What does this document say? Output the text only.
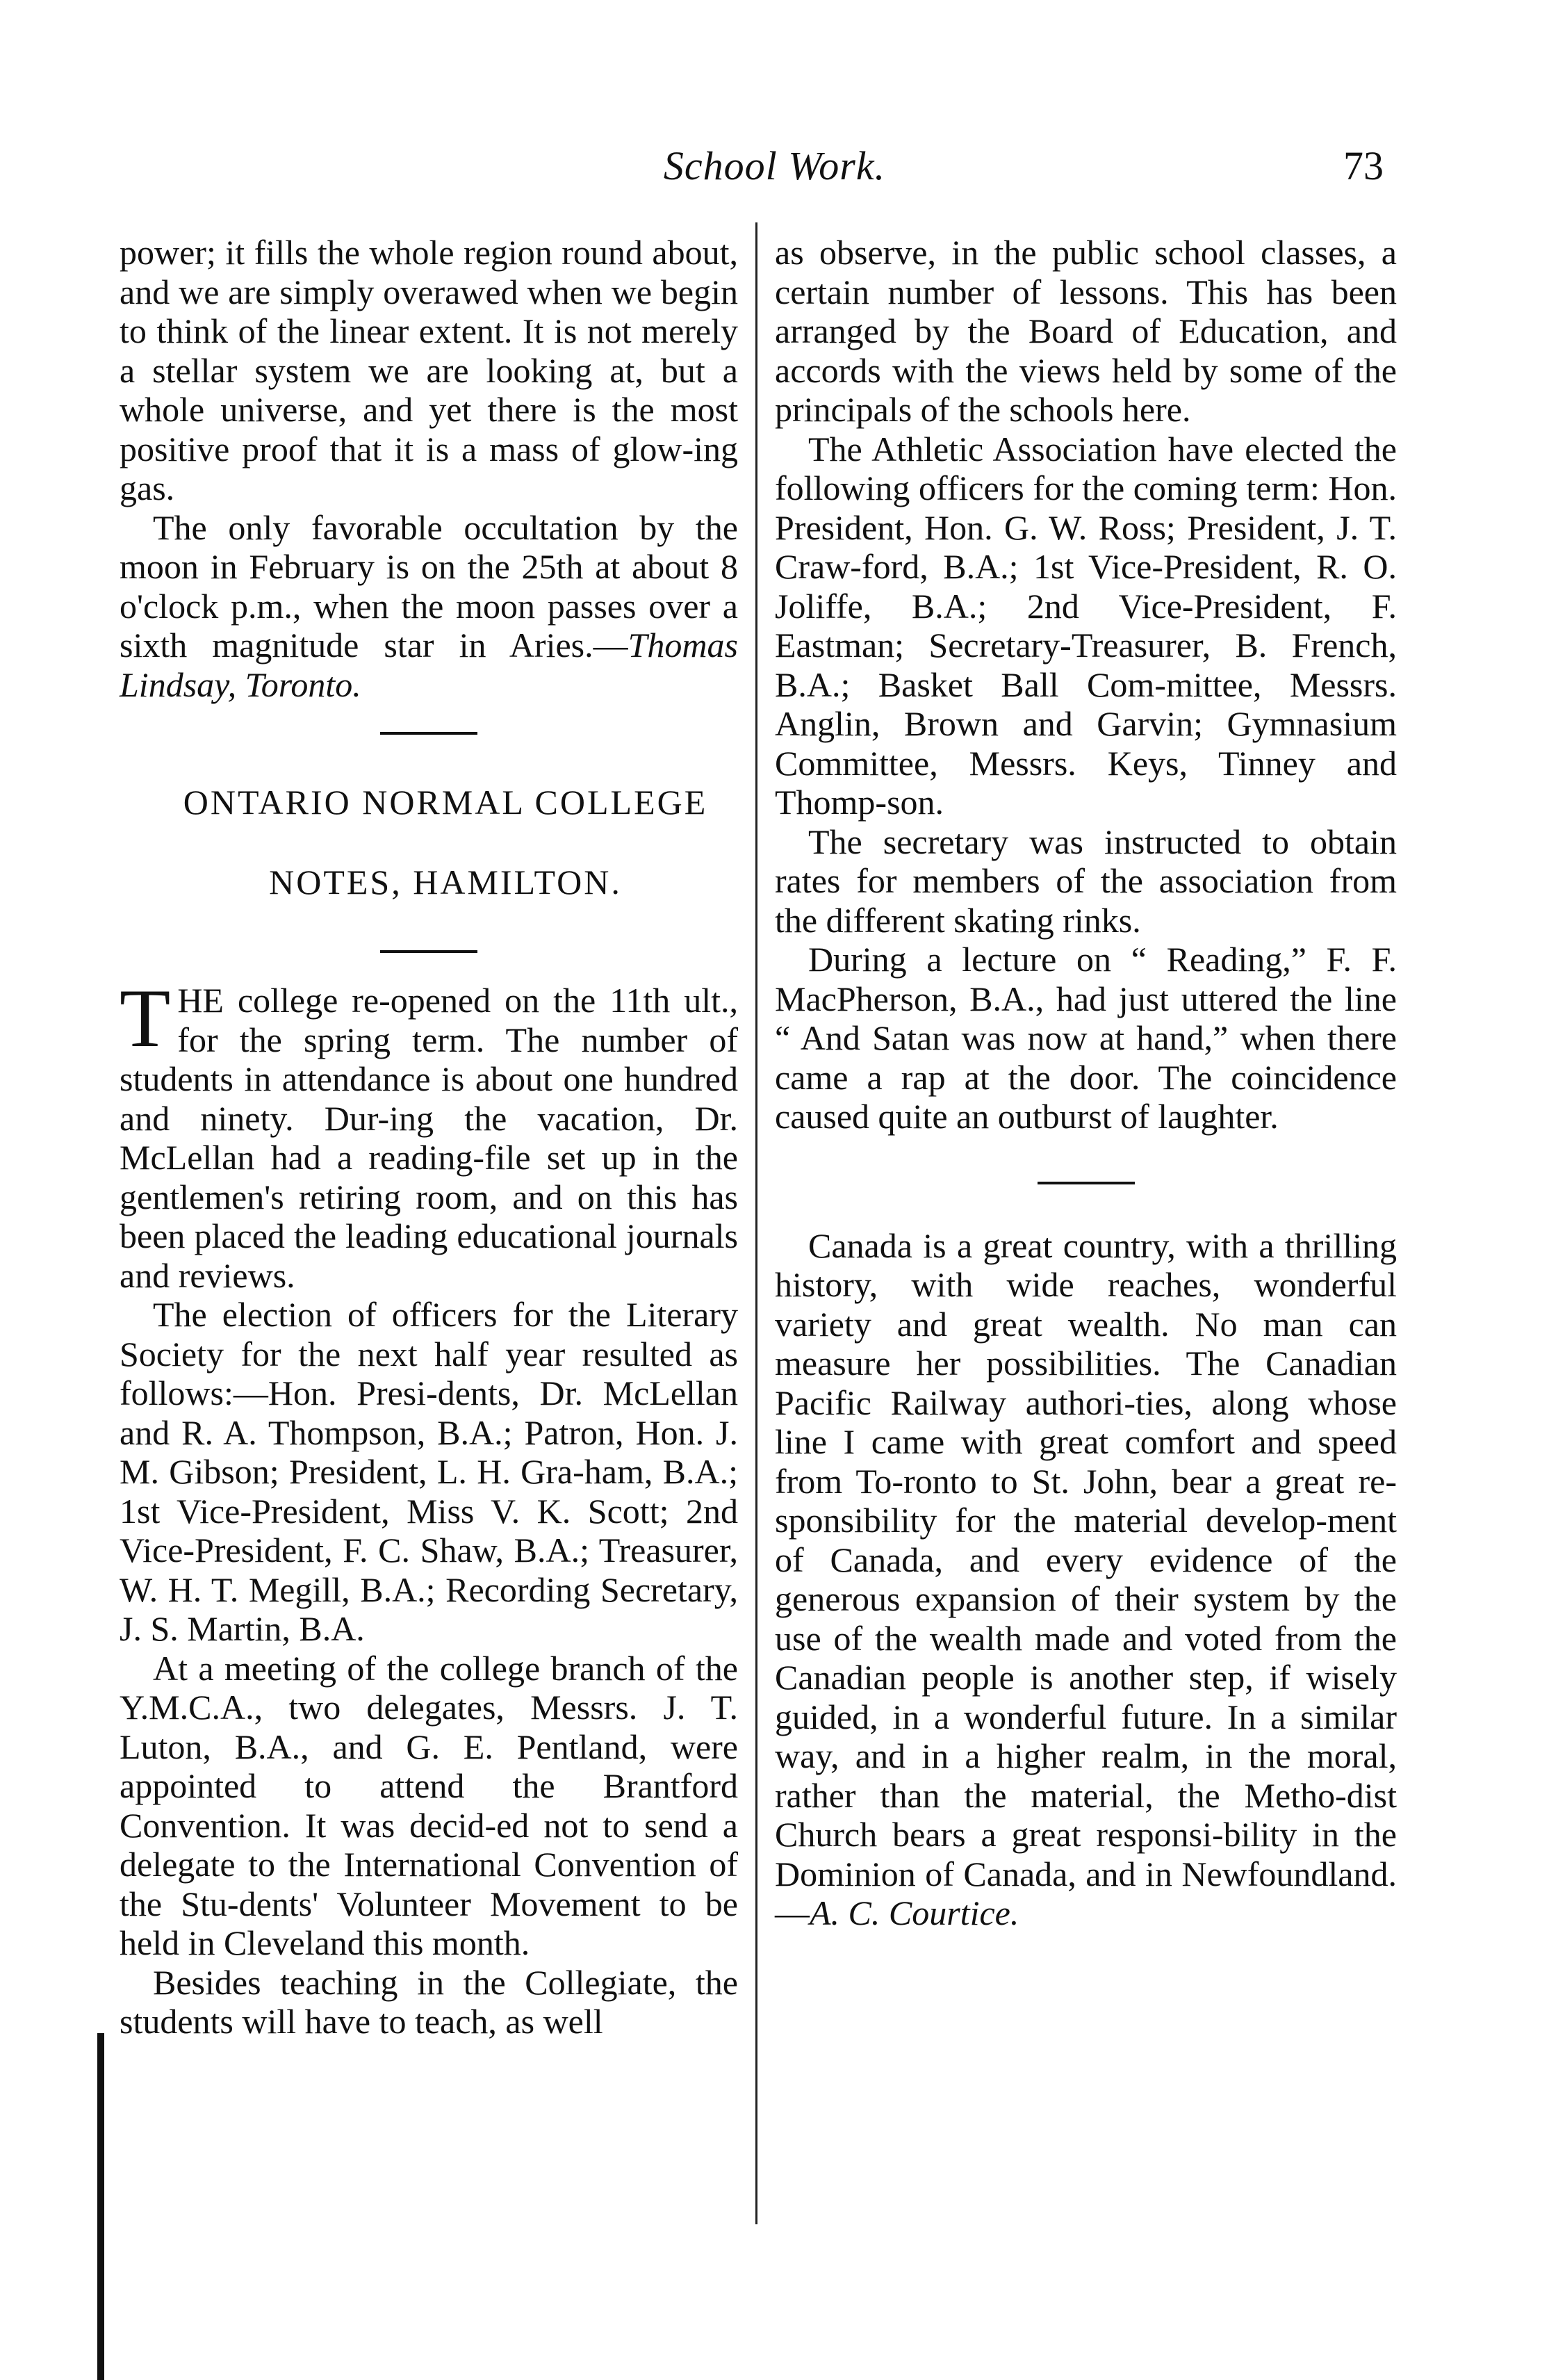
School Work.	73

power; it fills the whole region round about, and we are simply overawed when we begin to think of the linear extent. It is not merely a stellar system we are looking at, but a whole universe, and yet there is the most positive proof that it is a mass of glow-ing gas.

The only favorable occultation by the moon in February is on the 25th at about 8 o'clock p.m., when the moon passes over a sixth magnitude star in Aries.—Thomas Lindsay, Toronto.

ONTARIO NORMAL COLLEGE

NOTES, HAMILTON.

THE college re-opened on the 11th ult., for the spring term. The number of students in attendance is about one hundred and ninety. Dur-ing the vacation, Dr. McLellan had a reading-file set up in the gentlemen's retiring room, and on this has been placed the leading educational journals and reviews.

The election of officers for the Literary Society for the next half year resulted as follows:—Hon. Presi-dents, Dr. McLellan and R. A. Thompson, B.A.; Patron, Hon. J. M. Gibson; President, L. H. Gra-ham, B.A.; 1st Vice-President, Miss V. K. Scott; 2nd Vice-President, F. C. Shaw, B.A.; Treasurer, W. H. T. Megill, B.A.; Recording Secretary, J. S. Martin, B.A.

At a meeting of the college branch of the Y.M.C.A., two delegates, Messrs. J. T. Luton, B.A., and G. E. Pentland, were appointed to attend the Brantford Convention. It was decid-ed not to send a delegate to the International Convention of the Stu-dents' Volunteer Movement to be held in Cleveland this month.

Besides teaching in the Collegiate, the students will have to teach, as well

as observe, in the public school classes, a certain number of lessons. This has been arranged by the Board of Education, and accords with the views held by some of the principals of the schools here.

The Athletic Association have elected the following officers for the coming term: Hon. President, Hon. G. W. Ross; President, J. T. Craw-ford, B.A.; 1st Vice-President, R. O. Joliffe, B.A.; 2nd Vice-President, F. Eastman; Secretary-Treasurer, B. French, B.A.; Basket Ball Com-mittee, Messrs. Anglin, Brown and Garvin; Gymnasium Committee, Messrs. Keys, Tinney and Thomp-son.

The secretary was instructed to obtain rates for members of the association from the different skating rinks.

During a lecture on “ Reading,” F. F. MacPherson, B.A., had just uttered the line “ And Satan was now at hand,” when there came a rap at the door. The coincidence caused quite an outburst of laughter.

Canada is a great country, with a thrilling history, with wide reaches, wonderful variety and great wealth. No man can measure her possibilities. The Canadian Pacific Railway authori-ties, along whose line I came with great comfort and speed from To-ronto to St. John, bear a great re-sponsibility for the material develop-ment of Canada, and every evidence of the generous expansion of their system by the use of the wealth made and voted from the Canadian people is another step, if wisely guided, in a wonderful future. In a similar way, and in a higher realm, in the moral, rather than the material, the Metho-dist Church bears a great responsi-bility in the Dominion of Canada, and in Newfoundland.—A. C. Courtice.
